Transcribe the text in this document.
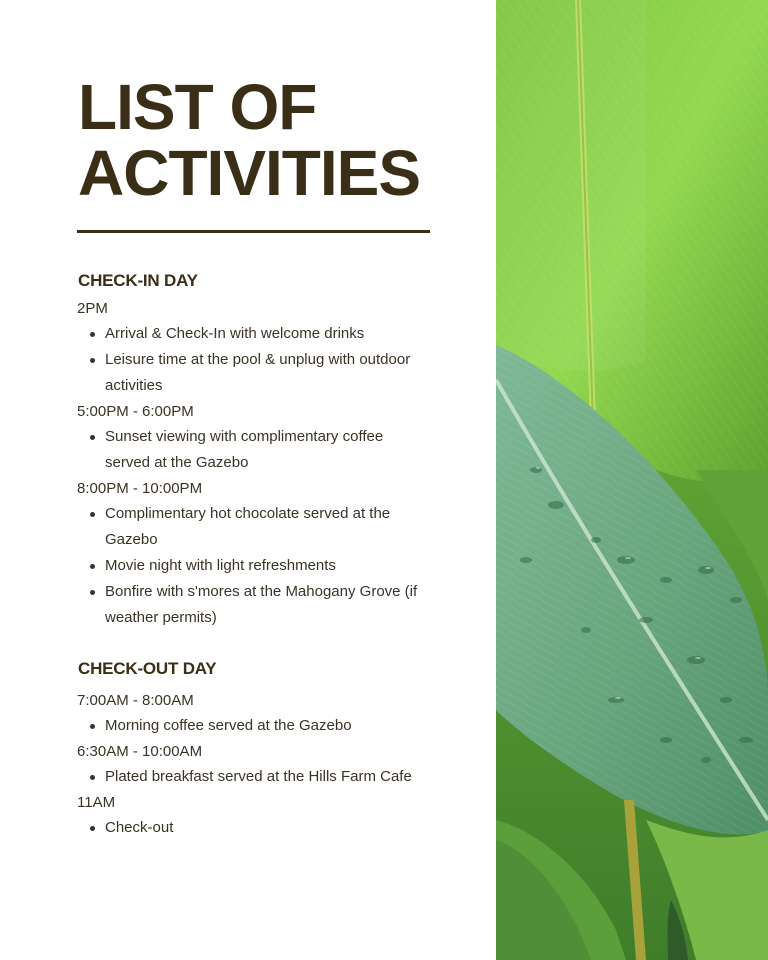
LIST OF
ACTIVITIES
CHECK-IN DAY

2PM

Arrival & Check-In with welcome drinks
Leisure time at the pool & unplug with outdoor activities

5:00PM - 6:00PM

Sunset viewing with complimentary coffee served at the Gazebo

8:00PM - 10:00PM

Complimentary hot chocolate served at the Gazebo
Movie night with light refreshments
Bonfire with s'mores at the Mahogany Grove (if weather permits)
CHECK-OUT DAY

7:00AM - 8:00AM

Morning coffee served at the Gazebo

6:30AM - 10:00AM

Plated breakfast served at the Hills Farm Cafe

11AM

Check-out
